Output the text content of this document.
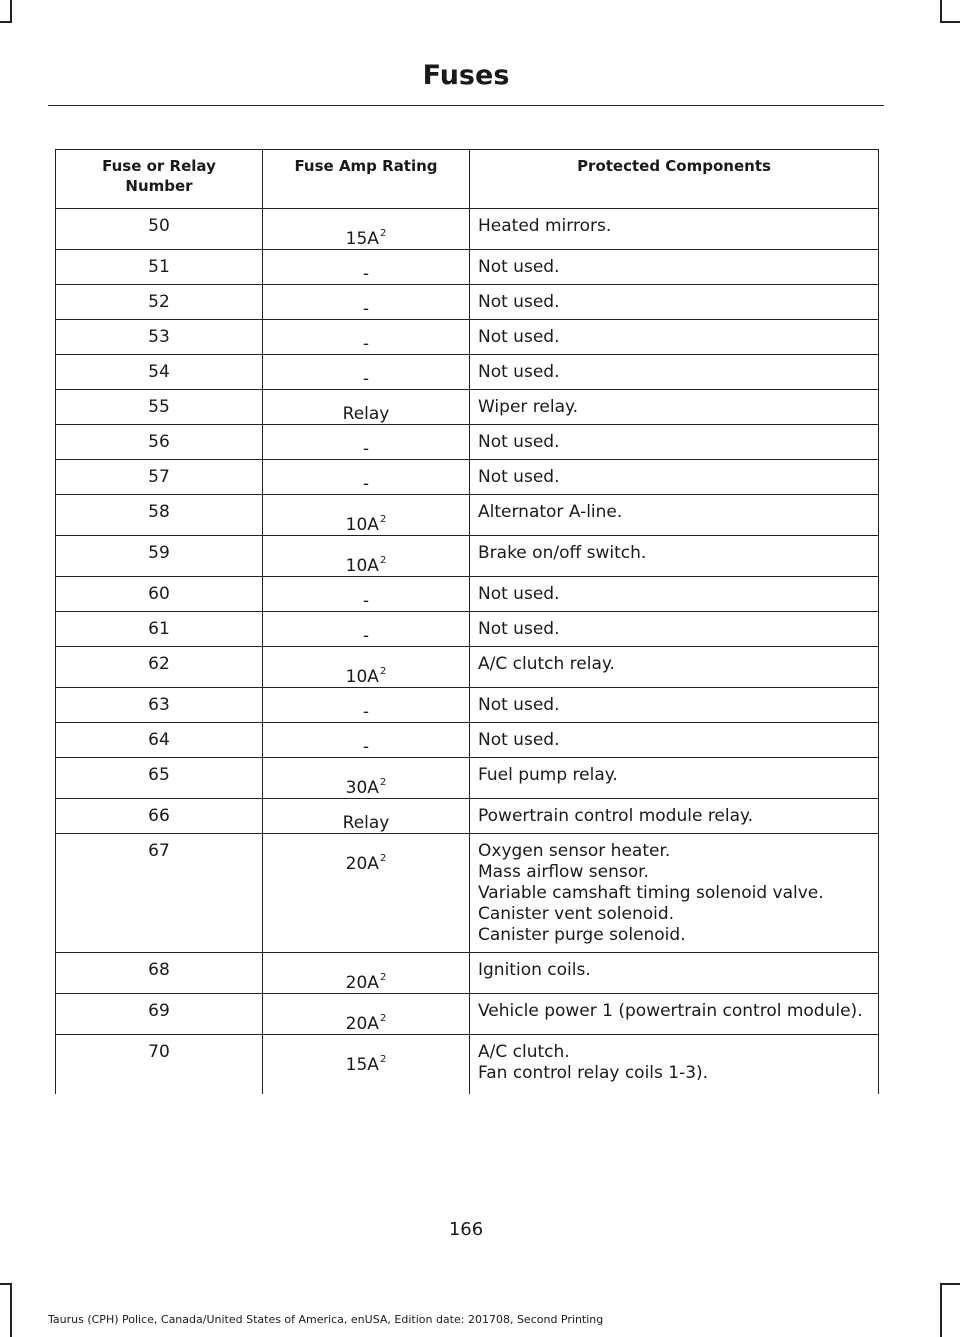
Fuses
Fuse or Relay Number	Fuse Amp Rating	Protected Components
50	$15A^2$	Heated mirrors.

51	-	Not used.

52	-	Not used.

53	-	Not used.

54	-	Not used.

55	Relay	Wiper relay.

56	-	Not used.

57	-	Not used.

58	$10A^2$	Alternator A-line.

59	$10A^2$	Brake on/off switch.

60	-	Not used.

61	-	Not used.

62	$10A^2$	A/C clutch relay.

63	-	Not used.

64	-	Not used.

65	$30A^2$	Fuel pump relay.

66	Relay	Powertrain control module relay.

67	$20A^2$	Oxygen sensor heater.
Mass airflow sensor.
Variable camshaft timing solenoid valve.
Canister vent solenoid.
Canister purge solenoid.

68	$20A^2$	Ignition coils.

69	$20A^2$	Vehicle power 1 (powertrain control module).

70	$15A^2$	A/C clutch.
Fan control relay coils 1-3).
166
Taurus (CPH) Police, Canada/United States of America, enUSA, Edition date: 201708, Second Printing
